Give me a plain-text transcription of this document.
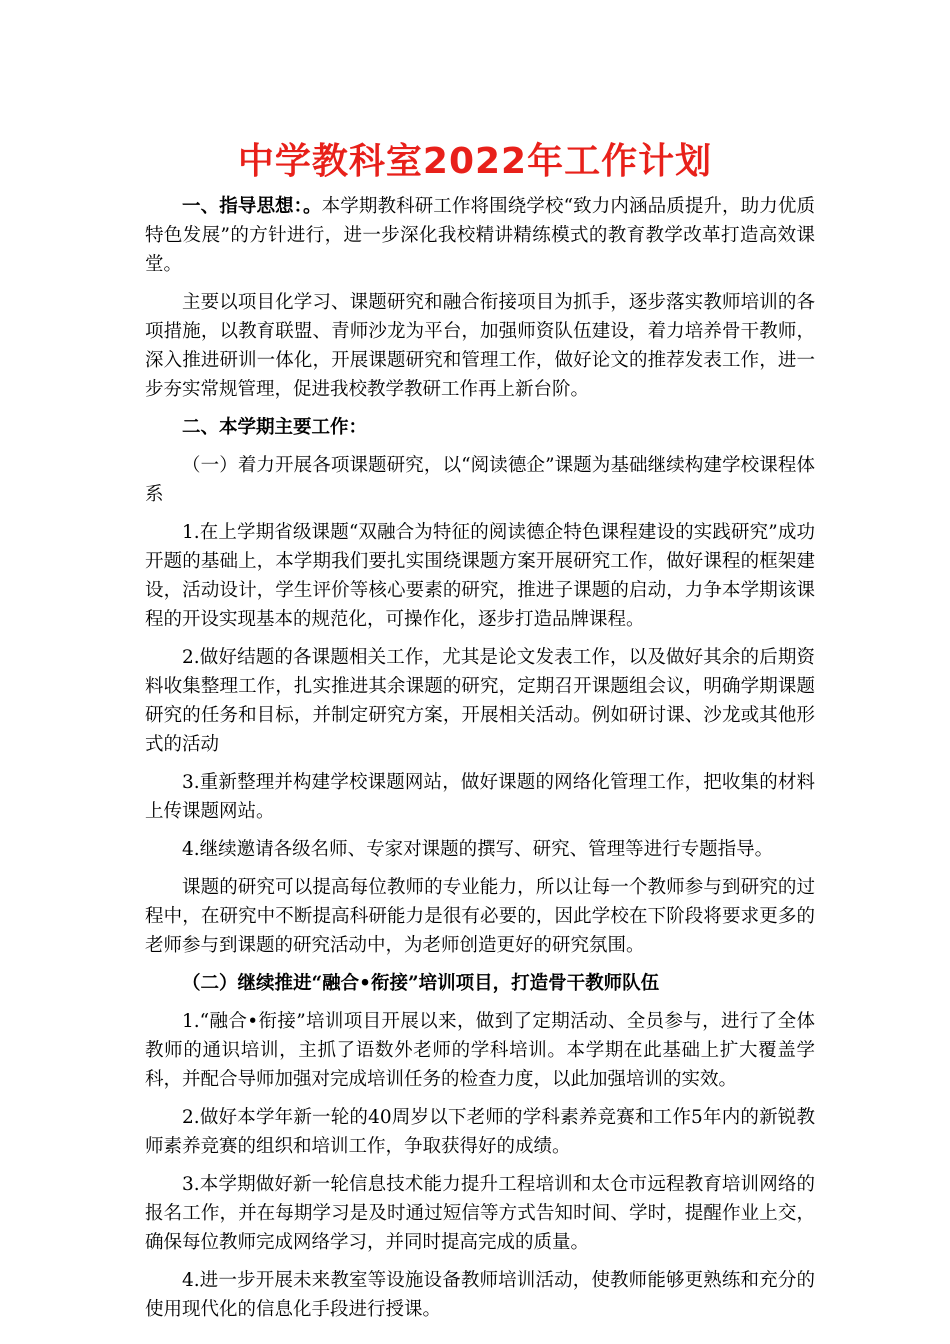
中学教科室2022年工作计划

一、指导思想：。本学期教科研工作将围绕学校“致力内涵品质提升，助力优质特色发展”的方针进行，进一步深化我校精讲精练模式的教育教学改革打造高效课堂。

主要以项目化学习、课题研究和融合衔接项目为抓手，逐步落实教师培训的各项措施，以教育联盟、青师沙龙为平台，加强师资队伍建设，着力培养骨干教师，深入推进研训一体化，开展课题研究和管理工作，做好论文的推荐发表工作，进一步夯实常规管理，促进我校教学教研工作再上新台阶。

二、本学期主要工作：

（一）着力开展各项课题研究，以“阅读德企”课题为基础继续构建学校课程体系

1.在上学期省级课题“双融合为特征的阅读德企特色课程建设的实践研究”成功开题的基础上，本学期我们要扎实围绕课题方案开展研究工作，做好课程的框架建设，活动设计，学生评价等核心要素的研究，推进子课题的启动，力争本学期该课程的开设实现基本的规范化，可操作化，逐步打造品牌课程。

2.做好结题的各课题相关工作，尤其是论文发表工作，以及做好其余的后期资料收集整理工作，扎实推进其余课题的研究，定期召开课题组会议，明确学期课题研究的任务和目标，并制定研究方案，开展相关活动。例如研讨课、沙龙或其他形式的活动

3.重新整理并构建学校课题网站，做好课题的网络化管理工作，把收集的材料上传课题网站。

4.继续邀请各级名师、专家对课题的撰写、研究、管理等进行专题指导。

课题的研究可以提高每位教师的专业能力，所以让每一个教师参与到研究的过程中，在研究中不断提高科研能力是很有必要的，因此学校在下阶段将要求更多的老师参与到课题的研究活动中，为老师创造更好的研究氛围。

（二）继续推进“融合•衔接”培训项目，打造骨干教师队伍

1.“融合•衔接”培训项目开展以来，做到了定期活动、全员参与，进行了全体教师的通识培训，主抓了语数外老师的学科培训。本学期在此基础上扩大覆盖学科，并配合导师加强对完成培训任务的检查力度，以此加强培训的实效。

2.做好本学年新一轮的40周岁以下老师的学科素养竞赛和工作5年内的新锐教师素养竞赛的组织和培训工作，争取获得好的成绩。

3.本学期做好新一轮信息技术能力提升工程培训和太仓市远程教育培训网络的报名工作，并在每期学习是及时通过短信等方式告知时间、学时，提醒作业上交，确保每位教师完成网络学习，并同时提高完成的质量。

4.进一步开展未来教室等设施设备教师培训活动，使教师能够更熟练和充分的使用现代化的信息化手段进行授课。
